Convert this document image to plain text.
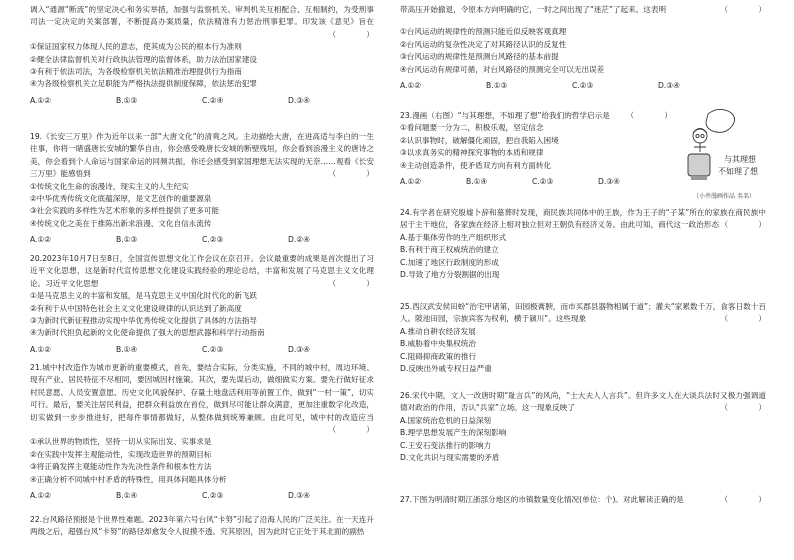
调入“通源”断流”的坚定决心和务实举措，加强与监察机关、审判机关互相配合、互相制约，为受刑事司法一定决定的关案部署，不断提高办案质量，依法精准有力惩治刑事犯罪。印发该《意见》旨在
（　　　　）
①保证国家权力体现人民的意志，使其成为公民的根本行为准则
②健全法律监督机关对行政执法管理的监督体系，助力法治国家建设
③有利于依法司法，为各级检察机关依法精准治理提供行为指南
④为各级检察机关立足职能为严格执法提供制度保障，依法惩治犯罪
A.①②	B.①③	C.②④	D.③④
19.《长安三万里》作为近年以来一部“大唐文化”的清爽之风。主动描绘大唐，在进高适与李白的一生往事，你将一睹盛唐长安城的繁华自由，你会感受晚唐长安城的断壁残垣，你会看到浪漫主义的唐诗之美，你会看到个人命运与国家命运的同频共振，你还会感受到家国理想无法实现的无奈……观看《长安三万里》能感悟到	（　　　　）
①传统文化生命的浪漫诗，现实主义的人生纪实
②中华优秀传统文化底蕴深厚，是文艺创作的重要源泉
③社会实践的多样性为艺术形象的多样性提供了更多可能
④传统文化之美在于推陈出新求浪漫、文化自信永流传
A.①②	B.①③	C.②③	D.②④
20.2023年10月7日至8日，全国宣传思想文化工作会议在京召开。会议最重要的成果是首次提出了习近平文化思想，这是新时代宣传思想文化建设实践经验的理论总结，丰富和发展了马克思主义文化理论。习近平文化思想	（　　　　）
①是马克思主义的丰富和发展，是马克思主义中国化时代化的新飞跃
②有利于从中国特色社会主义文化建设规律的认识达到了新高度
③为新时代新征程推动实现中华优秀传统文化提供了具体的方法指导
④为新时代担负起新的文化使命提供了强大的思想武器和科学行动指南
A.①②	B.①④	C.②③	D.③④
21.城中村改造作为城市更新的重要模式，首先，要结合实际，分类实施，不同的城中村，周边环境、现有产业、居民特征不尽相同，要因城因村施策。其次，要先谋后动，做细做实方案。要先行做好征求村民意愿、人员安置意愿、历史文化风貌保护、存量土地盘活利用等前置工作，做到“一村一策”，切实可行。最后，要关注居民利益，把群众利益放在首位，做到尽可能让群众满意，更加注重数字化改造，切实做到一步步推进好，把每件事情都做好，从整体做到统筹兼顾。由此可见，城中村的改造应当
（　　　　）
①承认世界的物质性，坚持一切从实际出发、实事求是
②在实践中发挥主观能动性，实现改造世界的预期目标
③将正确发挥主观能动性作为先决性条件和根本性方法
④正确分析不同城中村矛盾的特殊性，用具体问题具体分析
A.①②	B.①④	C.②③	D.③④
22.台风路径预报是个世界性难题。2023年第六号台风“卡努”引起了沿海人民的广泛关注。在一天连升两级之后，超强台风“卡努”的路径却愈发令人捉摸不透。究其原因，因为此时它正处于其北面的副热
带高压开始撤退，令原本方向明确的它，一时之间出现了“迷茫”了起来。这表明	（　　　　）
①台风运动的规律性的预测只能近似反映客观真理
②台风运动的复杂性决定了对其路径认识的反复性
③台风运动的规律性是预测台风路径的基本前提
④台风运动有规律可循，对台风路径的预测完全可以无出误差
A.①②	B.①③	C.②③	D.③④
23.漫画（右图）“与其理想，不如理了想”给我们的哲学启示是 （　　　　）
①看问题要一分为二，积极乐观，坚定信念
②认识事物时，破解僵化顽固，把自我陷入困境
③以求真务实的精神探究事物的本质和规律
④主动创造条件，使矛盾双方向有利方面转化
A.①②	B.①④	C.②③	D.③④
与其理想
不如理了想
（小井漫画作品 名名）
24.有学者在研究殷墟卜辞和墓葬时发现，商民族共同体中的王族，作为王子的“子某”所在的家族在商民族中居于主干地位，各家族在经济上相对独立但对王朝负有经济义务。由此可知，商代这一政治形态 （　　　　）
A.基于集体劳作的生产组织形式
B.有利于商王权威统治的建立
C.加速了地区行政制度的形成
D.导致了地方分裂割据的出现
25.西汉武安侯田蚡“治宅甲诸第，田园极膏腴，而市买郡县器物相属于道”；灌夫“家累数千万，食客日数十百人。陂池田园，宗族宾客为权利，横于颍川”。这些现象	（　　　　）
A.推动自耕农经济发展
B.威胁着中央集权统治
C.阻碍抑商政策的推行
D.反映出外戚专权日益严重
26.宋代中期，文人一改唐时期“耻言兵”的风尚，“士大夫人人言兵”。但许多文人在大谈兵法时又极力强调道德对政治的作用，否认“兵家”立场。这一现象反映了	（　　　　）
A.国家统治危机的日益深刻
B.理学思想发展产生的深刻影响
C.王安石变法推行的影响力
D.文化共识与现实需要的矛盾
27.下图为明清时期江浙部分地区的市镇数量变化情况(单位：个)。对此解读正确的是	（　　　　）
